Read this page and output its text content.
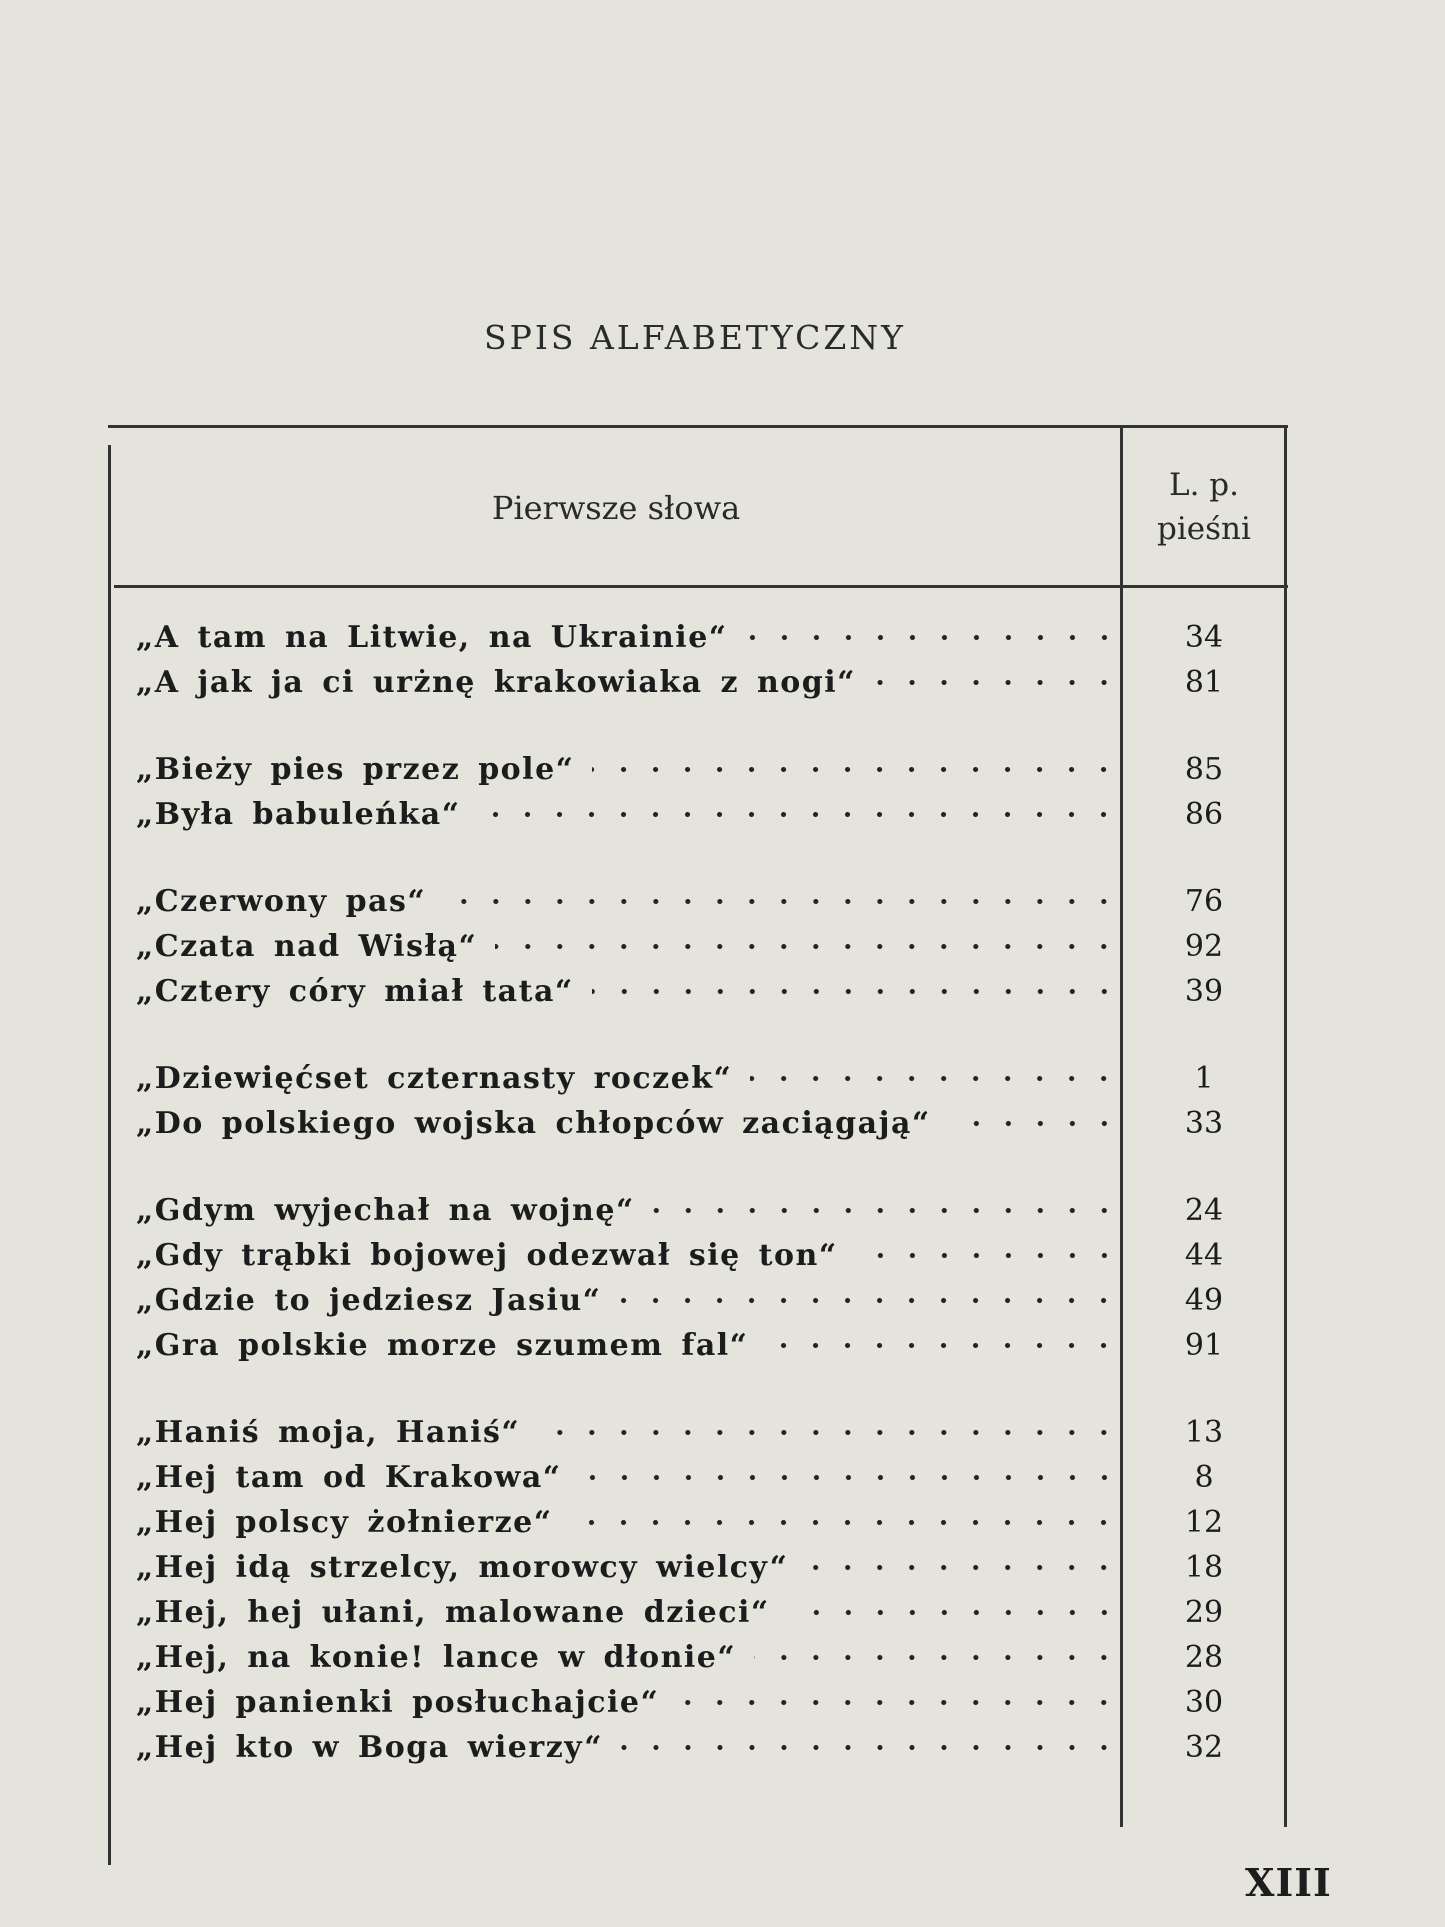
SPIS ALFABETYCZNY
Pierwsze słowa
L. p.
pieśni
„A tam na Litwie, na Ukrainie“	34
„A jak ja ci urżnę krakowiaka z nogi“	81
„Bieży pies przez pole“	85
„Była babuleńka“	86
„Czerwony pas“	76
„Czata nad Wisłą“	92
„Cztery córy miał tata“	39
„Dziewięćset czternasty roczek“	1
„Do polskiego wojska chłopców zaciągają“	33
„Gdym wyjechał na wojnę“	24
„Gdy trąbki bojowej odezwał się ton“	44
„Gdzie to jedziesz Jasiu“	49
„Gra polskie morze szumem fal“	91
„Haniś moja, Haniś“	13
„Hej tam od Krakowa“	8
„Hej polscy żołnierze“	12
„Hej idą strzelcy, morowcy wielcy“	18
„Hej, hej ułani, malowane dzieci“	29
„Hej, na konie! lance w dłonie“	28
„Hej panienki posłuchajcie“	30
„Hej kto w Boga wierzy“	32
XIII
